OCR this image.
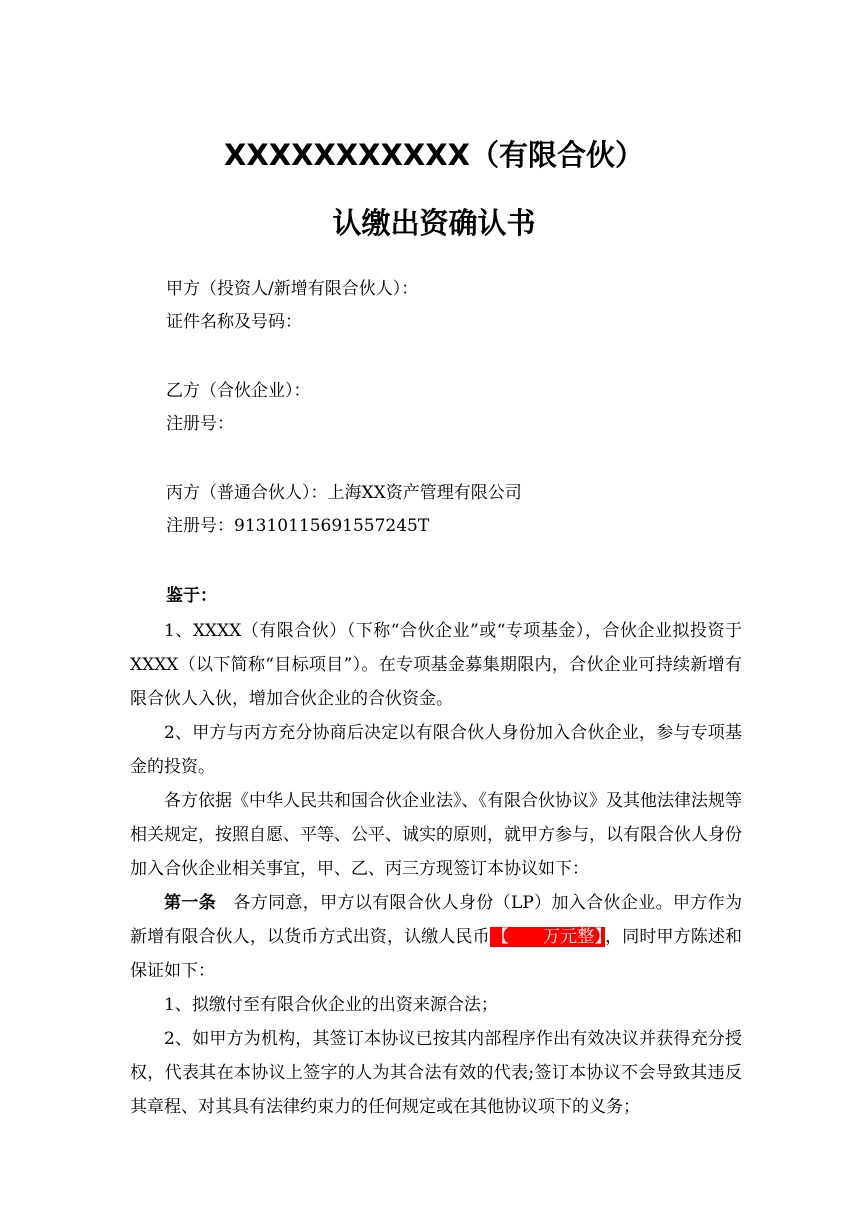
XXXXXXXXXXX（有限合伙）
认缴出资确认书
甲方（投资人/新增有限合伙人）：
证件名称及号码：
乙方（合伙企业）：
注册号：
丙方（普通合伙人）：上海XX资产管理有限公司
注册号：91310115691557245T
鉴于：
1、XXXX（有限合伙）（下称“合伙企业”或“专项基金），合伙企业拟投资于XXXX（以下简称“目标项目”）。在专项基金募集期限内，合伙企业可持续新增有限合伙人入伙，增加合伙企业的合伙资金。
2、甲方与丙方充分协商后决定以有限合伙人身份加入合伙企业，参与专项基金的投资。
各方依据《中华人民共和国合伙企业法》、《有限合伙协议》及其他法律法规等相关规定，按照自愿、平等、公平、诚实的原则，就甲方参与，以有限合伙人身份加入合伙企业相关事宜，甲、乙、丙三方现签订本协议如下：
第一条 各方同意，甲方以有限合伙人身份（LP）加入合伙企业。甲方作为新增有限合伙人，以货币方式出资，认缴人民币 【 万元整】 ，同时甲方陈述和保证如下：
1、拟缴付至有限合伙企业的出资来源合法；
2、如甲方为机构，其签订本协议已按其内部程序作出有效决议并获得充分授权，代表其在本协议上签字的人为其合法有效的代表;签订本协议不会导致其违反其章程、对其具有法律约束力的任何规定或在其他协议项下的义务；
